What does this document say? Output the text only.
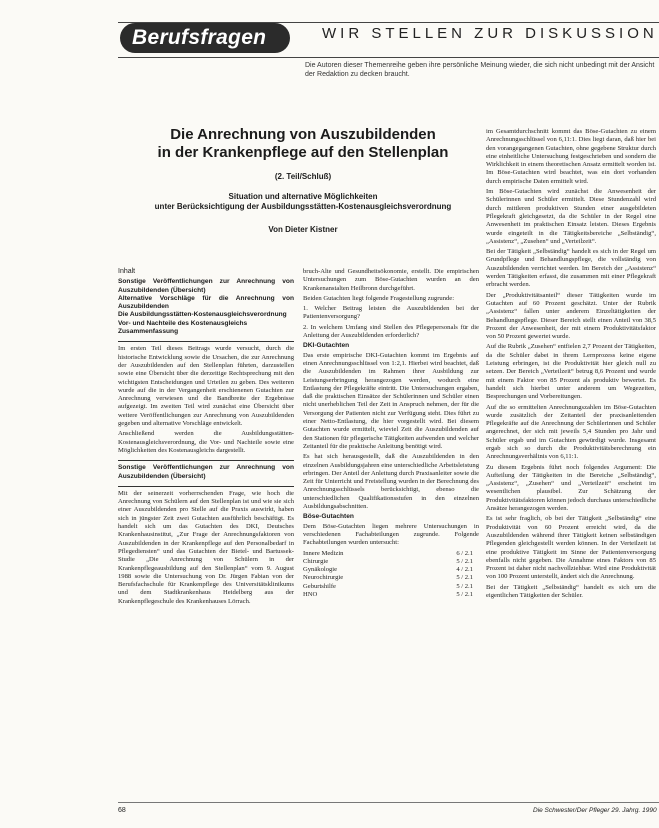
Berufsfragen	WIR STELLEN ZUR DISKUSSION
Die Autoren dieser Themenreihe geben ihre persönliche Meinung wieder, die sich nicht unbedingt mit der Ansicht der Redaktion zu decken braucht.
Die Anrechnung von Auszubildenden
in der Krankenpflege auf den Stellenplan
(2. Teil/Schluß)
Situation und alternative Möglichkeiten
unter Berücksichtigung der Ausbildungsstätten-Kostenausgleichsverordnung
Von Dieter Kistner
Inhalt
Sonstige Veröffentlichungen zur Anrechnung von Auszubildenden (Übersicht)
Alternative Vorschläge für die Anrechnung von Auszubildenden
Die Ausbildungsstätten-Kostenausgleichsverordnung
Vor- und Nachteile des Kostenausgleichs
Zusammenfassung

Im ersten Teil dieses Beitrags wurde versucht, durch die historische Entwicklung sowie die Ursachen, die zur Anrechnung der Auszubildenden auf den Stellenplan führten, darzustellen sowie eine Übersicht über die derzeitige Rechtsprechung mit den wichtigsten Entscheidungen und Urteilen zu geben. Des weiteren wurde auf die in der Vergangenheit erschienenen Gutachten zur Anrechnung verwiesen und die Bandbreite der Ergebnisse aufgezeigt. Im zweiten Teil wird zunächst eine Übersicht über weitere Veröffentlichungen zur Anrechnung von Auszubildenden gegeben und alternative Vorschläge entwickelt.

Anschließend werden die Ausbildungsstätten-Kostenausgleichsverordnung, die Vor- und Nachteile sowie eine Möglichkeiten des Kostenausgleichs dargestellt.

Sonstige Veröffentlichungen zur Anrechnung von Auszubildenden (Übersicht)

Mit der seinerzeit vorherrschenden Frage, wie hoch die Anrechnung von Schülern auf den Stellenplan ist und wie sie sich einer Auszubildenden pro Stelle auf die Praxis auswirkt, haben sich in jüngster Zeit zwei Gutachten ausführlich beschäftigt. Es handelt sich um das Gutachten des DKI, Deutsches Krankenhausinstitut, „Zur Frage der Anrechnungsfaktoren von Auszubildenden in der Krankenpflege auf den Personalbedarf in Pflegediensten“ und das Gutachten der Bietel- und Bartussek-Studie „Die Anrechnung von Schülern in der Krankenpflegeausbildung auf den Stellenplan“ vom 9. August 1988 sowie die Untersuchung von Dr. Jürgen Fabian von der Berufsfachschule für Krankenpflege des Universitätsklinikums und dem Stadtkrankenhaus Heidelberg aus der Krankenpflegeschule des Krankenhauses Lörrach.

bruch-Alte und Gesundheitsökonomie, erstellt. Die empirischen Untersuchungen zum Böse-Gutachten wurden an den Krankenanstalten Heilbronn durchgeführt.

Beiden Gutachten liegt folgende Fragestellung zugrunde:

1. Welcher Beitrag leisten die Auszubildenden bei der Patientenversorgung?

2. In welchem Umfang sind Stellen des Pflegepersonals für die Anleitung der Auszubildenden erforderlich?

DKI-Gutachten

Das erste empirische DKI-Gutachten kommt im Ergebnis auf einen Anrechnungsschlüssel von 1:2,1. Hierbei wird beachtet, daß die Auszubildenden im Rahmen ihrer Ausbildung zur Leistungserbringung herangezogen werden, wodurch eine Entlastung der Pflegekräfte eintritt. Die Untersuchungen ergaben, daß die praktischen Einsätze der Schülerinnen und Schüler einen nicht unerheblichen Teil der Zeit in Anspruch nehmen, der für die Versorgung der Patienten nicht zur Verfügung steht. Dies führt zu einer Netto-Entlastung, die hier vorgestellt wird. Bei diesem Gutachten wurde ermittelt, wieviel Zeit die Auszubildenden auf den Stationen für pflegerische Tätigkeiten aufwenden und welcher Zeitanteil für die praktische Anleitung benötigt wird.

Es hat sich herausgestellt, daß die Auszubildenden in den einzelnen Ausbildungsjahren eine unterschiedliche Arbeitsleistung erbringen. Der Anteil der Anleitung durch Praxisanleiter sowie die Zeit für Unterricht und Freistellung wurden in der Berechnung des Anrechnungsschlüssels berücksichtigt, ebenso die unterschiedlichen Qualifikationsstufen in den einzelnen Ausbildungsabschnitten.

Böse-Gutachten

Dem Böse-Gutachten liegen mehrere Untersuchungen in verschiedenen Fachabteilungen zugrunde. Folgende Fachabteilungen wurden untersucht:

Innere Medizin	6 / 2.1
Chirurgie	5 / 2.1
Gynäkologie	4 / 2.1
Neurochirurgie	5 / 2.1
Geburtshilfe	5 / 2.1
HNO	5 / 2.1

im Gesamtdurchschnitt kommt das Böse-Gutachten zu einem Anrechnungsschlüssel von 6,11:1. Dies liegt daran, daß hier bei den vorangegangenen Gutachten, ohne gegebene Struktur durch eine einheitliche Untersuchung festgeschrieben und sondern die Wirklichkeit in einem theoretischen Ansatz ermittelt worden ist. Im Böse-Gutachten wird beachtet, was ein dort vorhanden durch empirische Daten ermittelt wird.

Im Böse-Gutachten wird zunächst die Anwesenheit der Schülerinnen und Schüler ermittelt. Diese Stundenzahl wird durch mittleren produktiven Stunden einer ausgebildeten Pflegekraft gleichgesetzt, da die Schüler in der Regel eine Anwesenheit im praktischen Einsatz leisten. Dieses Ergebnis wurde eingeteilt in die Tätigkeitsbereiche „Selbständig“, „Assistenz“, „Zusehen“ und „Verteilzeit“.

Bei der Tätigkeit „Selbständig“ handelt es sich in der Regel um Grundpflege und Behandlungspflege, die vollständig von Auszubildenden verrichtet werden. Im Bereich der „Assistenz“ werden Tätigkeiten erfasst, die zusammen mit einer Pflegekraft erbracht werden.

Der „Produktivitätsanteil“ dieser Tätigkeiten wurde im Gutachten auf 60 Prozent geschätzt. Unter der Rubrik „Assistenz“ fallen unter anderem Einzeltätigkeiten der Behandlungspflege. Dieser Bereich stellt einen Anteil von 38,5 Prozent der Anwesenheit, der mit einem Produktivitätsfaktor von 50 Prozent gewertet wurde.

Auf die Rubrik „Zusehen“ entfielen 2,7 Prozent der Tätigkeiten, da die Schüler dabei in ihrem Lernprozess keine eigene Leistung erbringen, ist die Produktivität hier gleich null zu setzen. Der Bereich „Verteilzeit“ betrug 8,6 Prozent und wurde mit einem Faktor von 85 Prozent als produktiv bewertet. Es handelt sich hierbei unter anderem um Wegezeiten, Besprechungen und Vorbereitungen.

Auf die so ermittelten Anrechnungszahlen im Böse-Gutachten wurde zusätzlich der Zeitanteil der praxisanleitenden Pflegekräfte auf die Anrechnung der Schülerinnen und Schüler angerechnet, der sich mit jeweils 5,4 Stunden pro Jahr und Schüler ergab und im Gutachten gewürdigt wurde. Insgesamt ergab sich so durch die Produktivitätsberechnung ein Anrechnungsverhältnis von 6,11:1.

Zu diesem Ergebnis führt noch folgendes Argument: Die Aufteilung der Tätigkeiten in die Bereiche „Selbständig“, „Assistenz“, „Zusehen“ und „Verteilzeit“ erscheint im wesentlichen plausibel. Zur Schätzung der Produktivitätsfaktoren können jedoch durchaus unterschiedliche Ansätze herangezogen werden.

Es ist sehr fraglich, ob bei der Tätigkeit „Selbständig“ eine Produktivität von 60 Prozent erreicht wird, da die Auszubildenden während ihrer Tätigkeit keinen selbständigen Pflegenden gleichgestellt werden können. In der Verteilzeit ist eine produktive Tätigkeit im Sinne der Patientenversorgung ebenfalls nicht gegeben. Die Annahme eines Faktors von 85 Prozent ist daher nicht nachvollziehbar. Wird eine Produktivität von 100 Prozent unterstellt, ändert sich die Anrechnung.

Bei der Tätigkeit „Selbständig“ handelt es sich um die eigentlichen Tätigkeiten der Schüler.

68	Die Schwester/Der Pfleger 29. Jahrg. 1990
